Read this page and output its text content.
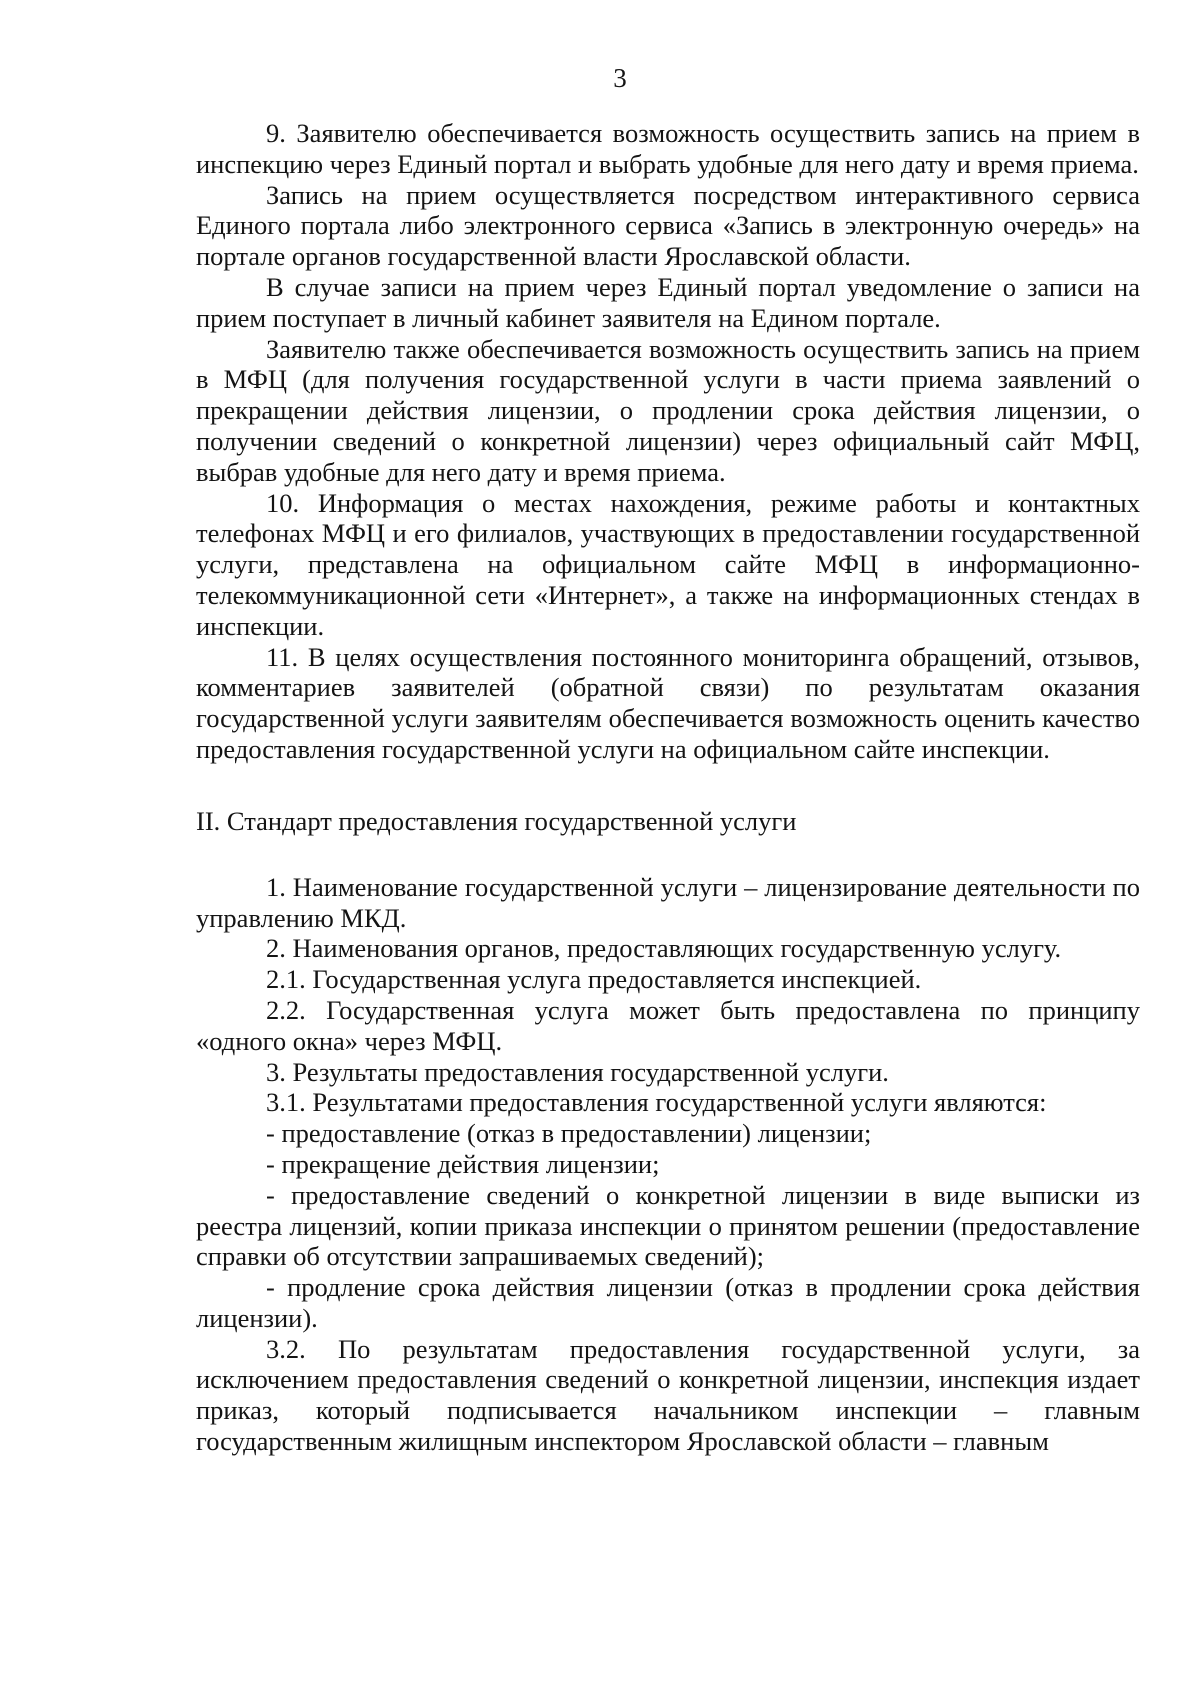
3

9. Заявителю обеспечивается возможность осуществить запись на прием в инспекцию через Единый портал и выбрать удобные для него дату и время приема.

Запись на прием осуществляется посредством интерактивного сервиса Единого портала либо электронного сервиса «Запись в электронную очередь» на портале органов государственной власти Ярославской области.

В случае записи на прием через Единый портал уведомление о записи на прием поступает в личный кабинет заявителя на Едином портале.

Заявителю также обеспечивается возможность осуществить запись на прием в МФЦ (для получения государственной услуги в части приема заявлений о прекращении действия лицензии, о продлении срока действия лицензии, о получении сведений о конкретной лицензии) через официальный сайт МФЦ, выбрав удобные для него дату и время приема.

10. Информация о местах нахождения, режиме работы и контактных телефонах МФЦ и его филиалов, участвующих в предоставлении государственной услуги, представлена на официальном сайте МФЦ в информационно-телекоммуникационной сети «Интернет», а также на информационных стендах в инспекции.

11. В целях осуществления постоянного мониторинга обращений, отзывов, комментариев заявителей (обратной связи) по результатам оказания государственной услуги заявителям обеспечивается возможность оценить качество предоставления государственной услуги на официальном сайте инспекции.

II. Стандарт предоставления государственной услуги

1. Наименование государственной услуги – лицензирование деятельности по управлению МКД.

2. Наименования органов, предоставляющих государственную услугу.

2.1. Государственная услуга предоставляется инспекцией.

2.2. Государственная услуга может быть предоставлена по принципу «одного окна» через МФЦ.

3. Результаты предоставления государственной услуги.

3.1. Результатами предоставления государственной услуги являются:

- предоставление (отказ в предоставлении) лицензии;

- прекращение действия лицензии;

- предоставление сведений о конкретной лицензии в виде выписки из реестра лицензий, копии приказа инспекции о принятом решении (предоставление справки об отсутствии запрашиваемых сведений);

- продление срока действия лицензии (отказ в продлении срока действия лицензии).

3.2. По результатам предоставления государственной услуги, за исключением предоставления сведений о конкретной лицензии, инспекция издает приказ, который подписывается начальником инспекции – главным государственным жилищным инспектором Ярославской области – главным
